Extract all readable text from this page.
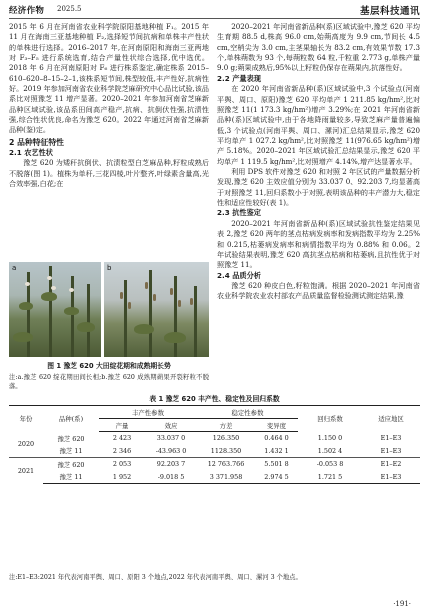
经济作物 2025.5	基层科技通讯

2015 年 6 月在河南省农业科学院原阳基地种植 F₁。2015 年 11 月在海南三亚基地种植 F₂,选择短节间抗病和单株丰产性状的单株进行选择。2016–2017 年,在河南原阳和海南三亚两地对 F₃–F₅ 进行系统选育,结合产量性状综合选择,优中选优。2018 年 6 月在河南原阳对 F₆ 进行株系鉴定,确定株系 2015–610–620–8–15–2–1,该株系短节间,株型较低,丰产性好,抗病性好。2019 年参加河南省农业科学院芝麻研究中心品比试验,该品系比对照豫芝 11 增产显著。2020–2021 年参加河南省芝麻新品种区域试验,该品系田间高产稳产,抗病、抗倒伏性强,抗渍性强,综合性状优良,命名为豫芝 620。2022 年通过河南省芝麻新品种(鉴)定。

2 品种特征特性
2.1 农艺性状

豫芝 620 为矮秆抗倒伏、抗渍粒型白芝麻品种,籽粒成熟后不脱落(图 1)。植株为单秆,三花四棱,叶片整齐,叶绿素含量高,光合效率强,白花;在

a	b
图 1 豫芝 620 大田绽花期和成熟期长势
注:a.豫芝 620 绽花期田间长相;b.豫芝 620 成熟期蒴果开裂籽粒不脱落。

2020–2021 年河南省新品种(系)区域试验中,豫芝 620 平均生育期 88.5 d,株高 96.0 cm,始蒴高度为 9.9 cm,节间长 4.5 cm,空梢尖为 3.0 cm,主茎果轴长为 83.2 cm,有效果节数 17.3 个,单株蒴数为 93 个,每蒴粒数 64 粒,千粒重 2.773 g,单株产量 9.0 g;蒴果成熟后,95%以上籽粒仍保存在蒴果内,抗落性好。

2.2 产量表现

在 2020 年河南省新品种(系)区域试验中,3 个试验点(河南平舆、周口、原阳)豫芝 620 平均单产 1 211.85 kg/hm²,比对照豫芝 11(1 173.3 kg/hm²)增产 3.29%;在 2021 年河南省新品种(系)区域试验中,由于各地降雨量较多,导致芝麻产量普遍偏低,3 个试验点(河南平舆、周口、漯河)汇总结果显示,豫芝 620 平均单产 1 027.2 kg/hm²,比对照豫芝 11(976.65 kg/hm²)增产 5.18%。2020–2021 年区域试验汇总结果显示,豫芝 620 平均单产 1 119.5 kg/hm²,比对照增产 4.14%,增产达显著水平。

利用 DPS 软件对豫芝 620 和对照 2 年区试的产量数据分析发现,豫芝 620 主效应值分别为 33.037 0、92.203 7,均显著高于对照豫芝 11,回归系数小于对照,表明该品种的丰产潜力大,稳定性和适应性较好(表 1)。

2.3 抗性鉴定

2020–2021 年河南省新品种(系)区域试验抗性鉴定结果见表 2,豫芝 620 两年的茎点枯病发病率和发病指数平均为 2.25% 和 0.215,枯萎病发病率和病情指数平均为 0.88% 和 0.06。2 年试验结果表明,豫芝 620 高抗茎点枯病和枯萎病,且抗性优于对照豫芝 11。

2.4 品质分析

豫芝 620 种皮白色,籽粒饱满。根据 2020–2021 年河南省农业科学院农业农村部农产品质量监督检验测试测定结果,豫

表 1 豫芝 620 丰产性、稳定性及回归系数
年份	品种(系)	丰产性参数		稳定性参数		回归系数	适应地区
		产量	效应	方差	变异度		
2020	豫芝 620	2 423	33.037 0	126.350	0.464 0	1.150 0	E1–E3
	豫芝 11	2 346	-43.963 0	1128.350	1.432 1	1.502 4	E1–E3
2021	豫芝 620	2 053	92.203 7	12 763.766	5.501 8	-0.053 8	E1–E2
	豫芝 11	1 952	-9.018 5	3 371.958	2.974 5	1.721 5	E1–E3
注:E1–E3:2021 年代表河南平舆、周口、原阳 3 个地点,2022 年代表河南平舆、周口、漯河 3 个地点。
·191·
